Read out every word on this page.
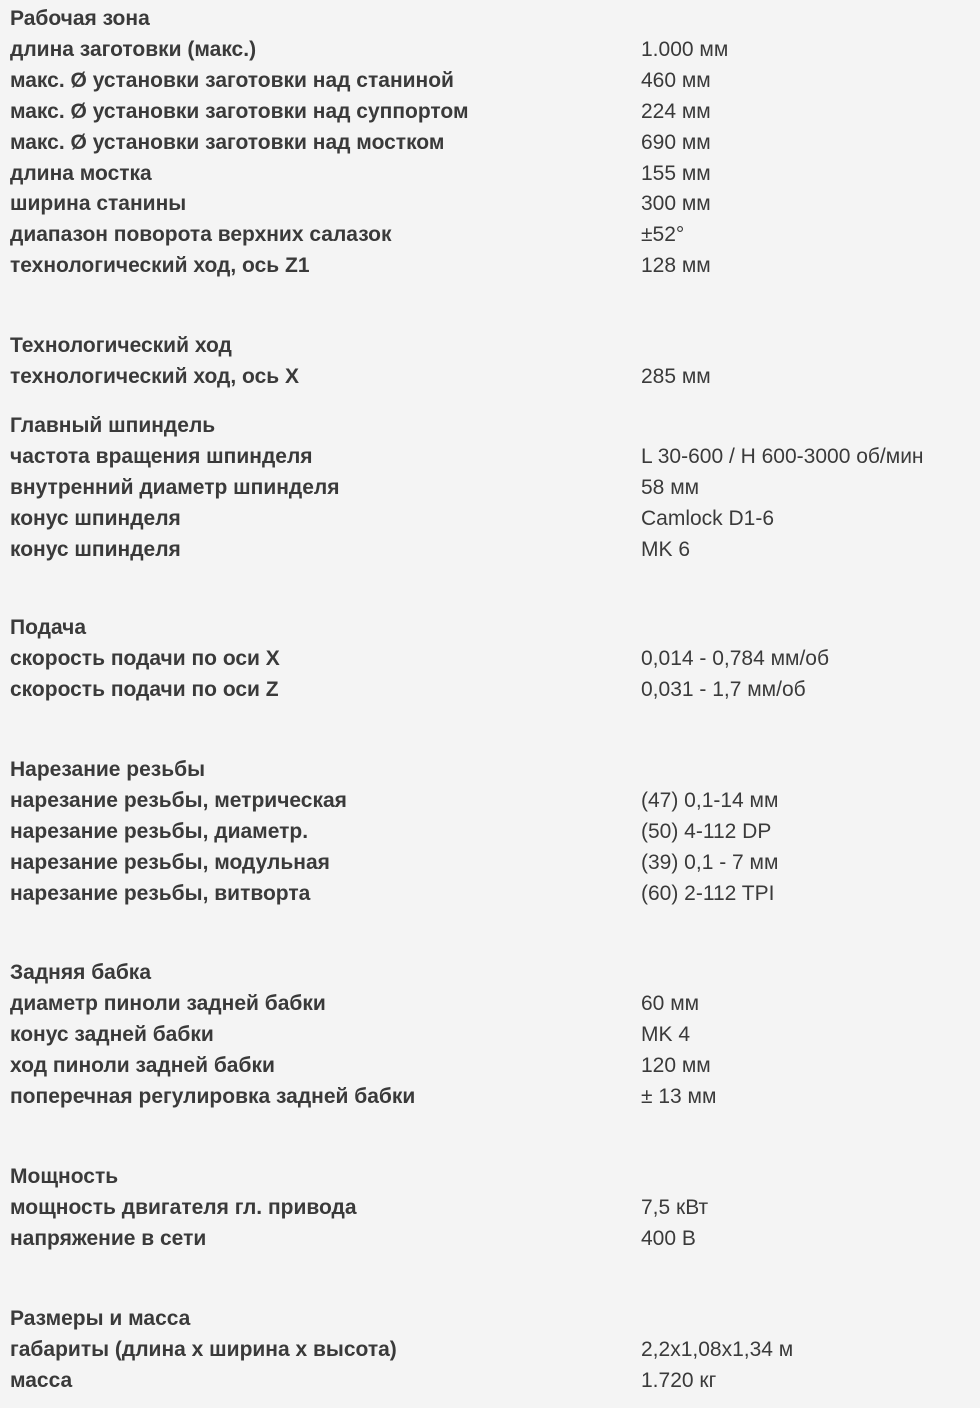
Рабочая зона
длина заготовки (макс.)	1.000 мм
макс. Ø установки заготовки над станиной	460 мм
макс. Ø установки заготовки над суппортом	224 мм
макс. Ø установки заготовки над мостком	690 мм
длина мостка	155 мм
ширина станины	300 мм
диапазон поворота верхних салазок	±52°
технологический ход, ось Z1	128 мм
Технологический ход
технологический ход, ось X	285 мм
Главный шпиндель
частота вращения шпинделя	L 30-600 / H 600-3000 об/мин
внутренний диаметр шпинделя	58 мм
конус шпинделя	Camlock D1-6
конус шпинделя	MK 6
Подача
скорость подачи по оси X	0,014 - 0,784 мм/об
скорость подачи по оси Z	0,031 - 1,7 мм/об
Нарезание резьбы
нарезание резьбы, метрическая	(47) 0,1-14 мм
нарезание резьбы, диаметр.	(50) 4-112 DP
нарезание резьбы, модульная	(39) 0,1 - 7 мм
нарезание резьбы, витворта	(60) 2-112 TPI
Задняя бабка
диаметр пиноли задней бабки	60 мм
конус задней бабки	MK 4
ход пиноли задней бабки	120 мм
поперечная регулировка задней бабки	± 13 мм
Мощность
мощность двигателя гл. привода	7,5 кВт
напряжение в сети	400 В
Размеры и масса
габариты (длина x ширина x высота)	2,2x1,08x1,34 м
масса	1.720 кг
